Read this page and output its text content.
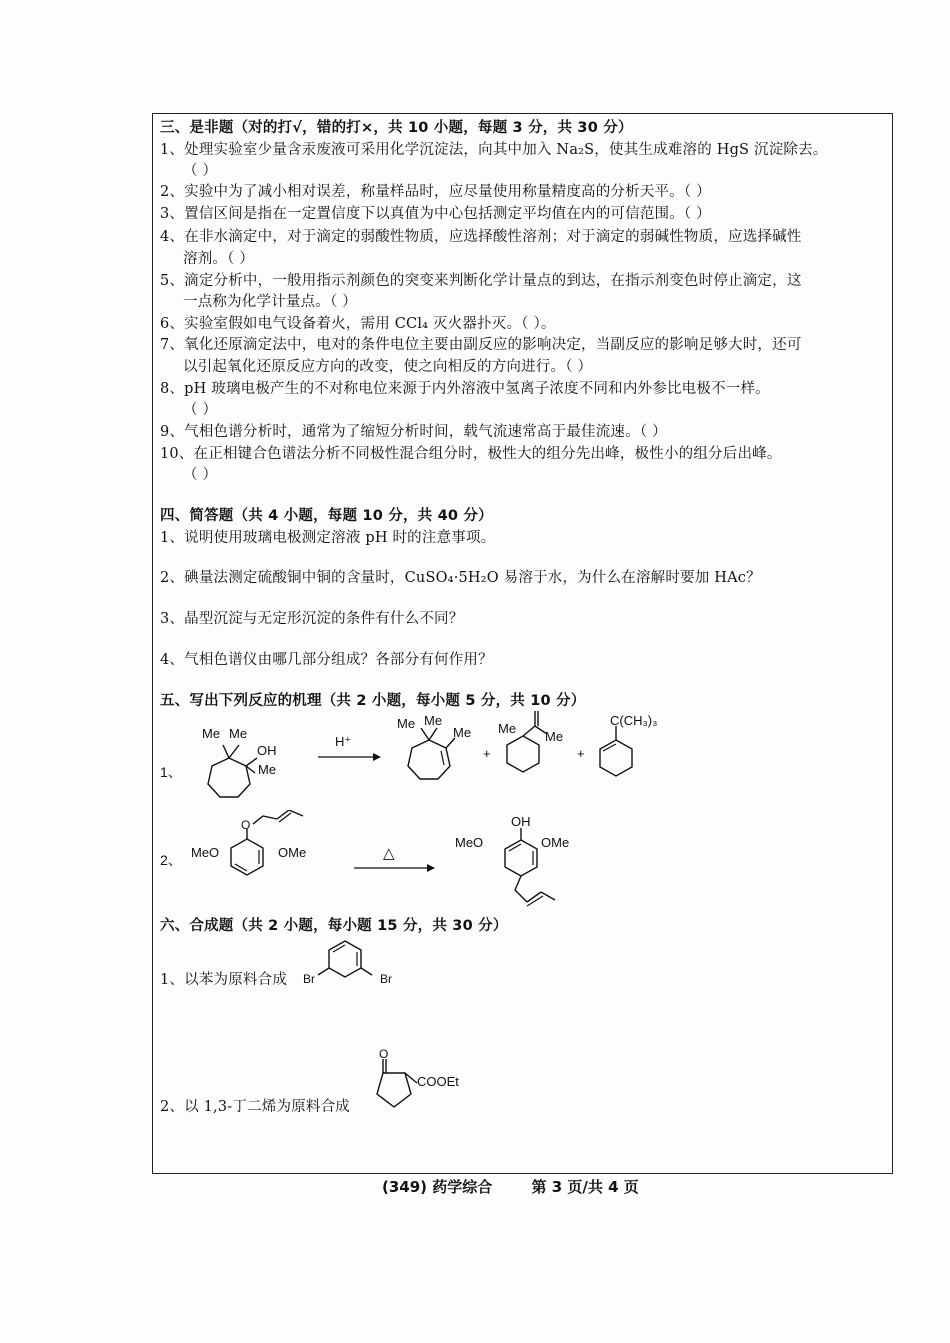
三、是非题（对的打√，错的打×，共 10 小题，每题 3 分，共 30 分）
1、处理实验室少量含汞废液可采用化学沉淀法，向其中加入 Na₂S，使其生成难溶的 HgS 沉淀除去。
（ ）
2、实验中为了减小相对误差，称量样品时，应尽量使用称量精度高的分析天平。（ ）
3、置信区间是指在一定置信度下以真值为中心包括测定平均值在内的可信范围。（ ）
4、在非水滴定中，对于滴定的弱酸性物质，应选择酸性溶剂；对于滴定的弱碱性物质，应选择碱性
溶剂。（ ）
5、滴定分析中，一般用指示剂颜色的突变来判断化学计量点的到达，在指示剂变色时停止滴定，这
一点称为化学计量点。（ ）
6、实验室假如电气设备着火，需用 CCl₄ 灭火器扑灭。（ ）。
7、氧化还原滴定法中，电对的条件电位主要由副反应的影响决定，当副反应的影响足够大时，还可
以引起氧化还原反应方向的改变，使之向相反的方向进行。（ ）
8、pH 玻璃电极产生的不对称电位来源于内外溶液中氢离子浓度不同和内外参比电极不一样。
（ ）
9、气相色谱分析时，通常为了缩短分析时间，载气流速常高于最佳流速。（ ）
10、在正相键合色谱法分析不同极性混合组分时，极性大的组分先出峰，极性小的组分后出峰。
（ ）
四、简答题（共 4 小题，每题 10 分，共 40 分）
1、说明使用玻璃电极测定溶液 pH 时的注意事项。
2、碘量法测定硫酸铜中铜的含量时，CuSO₄·5H₂O 易溶于水，为什么在溶解时要加 HAc？
3、晶型沉淀与无定形沉淀的条件有什么不同？
4、气相色谱仪由哪几部分组成？各部分有何作用？
五、写出下列反应的机理（共 2 小题，每小题 5 分，共 10 分）
1、
Me Me
OH
Me
H⁺
Me Me
Me
+
Me
Me
+
C(CH₃)₃
2、
O
MeO	OMe	△
OH
MeO	OMe
六、合成题（共 2 小题，每小题 15 分，共 30 分）
1、以苯为原料合成 Br	Br
2、以 1,3-丁二烯为原料合成
O
COOEt
(349) 药学综合	第 3 页/共 4 页
